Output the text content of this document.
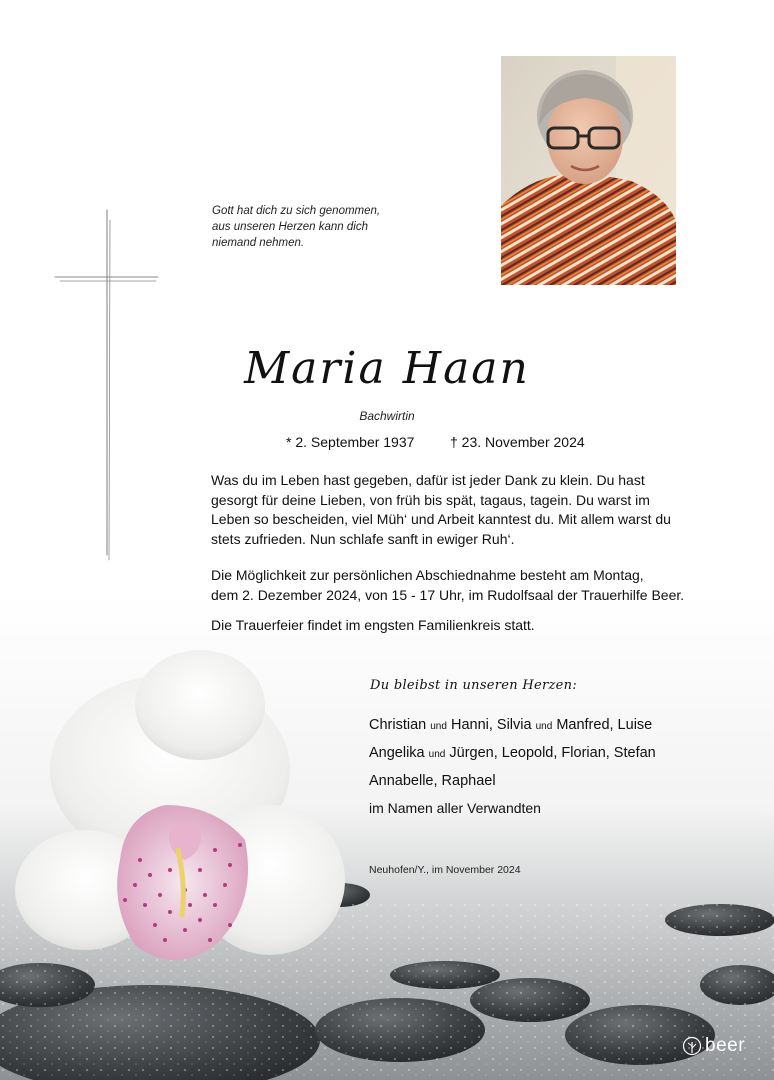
Gott hat dich zu sich genommen,
aus unseren Herzen kann dich
niemand nehmen.
Maria Haan
Bachwirtin
* 2. September 1937	† 23. November 2024
Was du im Leben hast gegeben, dafür ist jeder Dank zu klein. Du hast
gesorgt für deine Lieben, von früh bis spät, tagaus, tagein. Du warst im
Leben so bescheiden, viel Müh‘ und Arbeit kanntest du. Mit allem warst du
stets zufrieden. Nun schlafe sanft in ewiger Ruh‘.
Die Möglichkeit zur persönlichen Abschiednahme besteht am Montag,
dem 2. Dezember 2024, von 15 - 17 Uhr, im Rudolfsaal der Trauerhilfe Beer.
Die Trauerfeier findet im engsten Familienkreis statt.
Du bleibst in unseren Herzen:
Christian und Hanni, Silvia und Manfred, Luise
Angelika und Jürgen, Leopold, Florian, Stefan
Annabelle, Raphael
im Namen aller Verwandten
Neuhofen/Y., im November 2024
beer
